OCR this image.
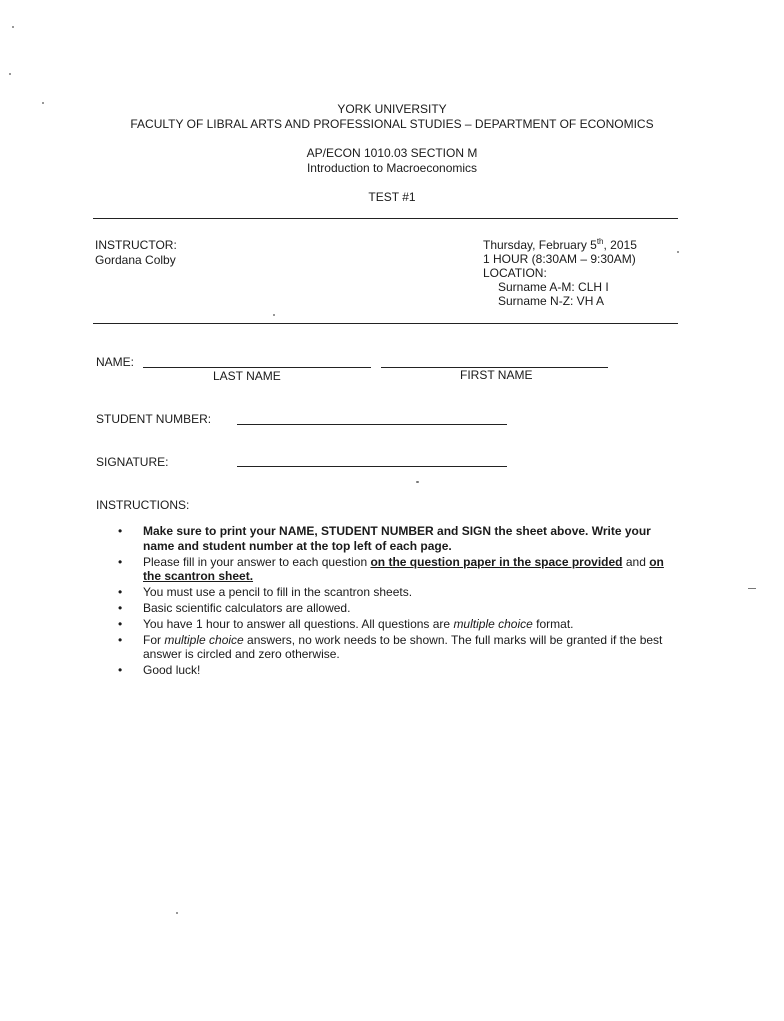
YORK UNIVERSITY
FACULTY OF LIBRAL ARTS AND PROFESSIONAL STUDIES – DEPARTMENT OF ECONOMICS
AP/ECON 1010.03 SECTION M
Introduction to Macroeconomics
TEST #1
INSTRUCTOR:
Gordana Colby
Thursday, February 5th, 2015
1 HOUR (8:30AM – 9:30AM)
LOCATION:
Surname A-M: CLH I
Surname N-Z: VH A
NAME:
LAST NAME	FIRST NAME
STUDENT NUMBER:
SIGNATURE:
INSTRUCTIONS:
• Make sure to print your NAME, STUDENT NUMBER and SIGN the sheet above. Write your name and student number at the top left of each page.
• Please fill in your answer to each question on the question paper in the space provided and on the scantron sheet.
• You must use a pencil to fill in the scantron sheets.
• Basic scientific calculators are allowed.
• You have 1 hour to answer all questions. All questions are multiple choice format.
• For multiple choice answers, no work needs to be shown. The full marks will be granted if the best answer is circled and zero otherwise.
• Good luck!
